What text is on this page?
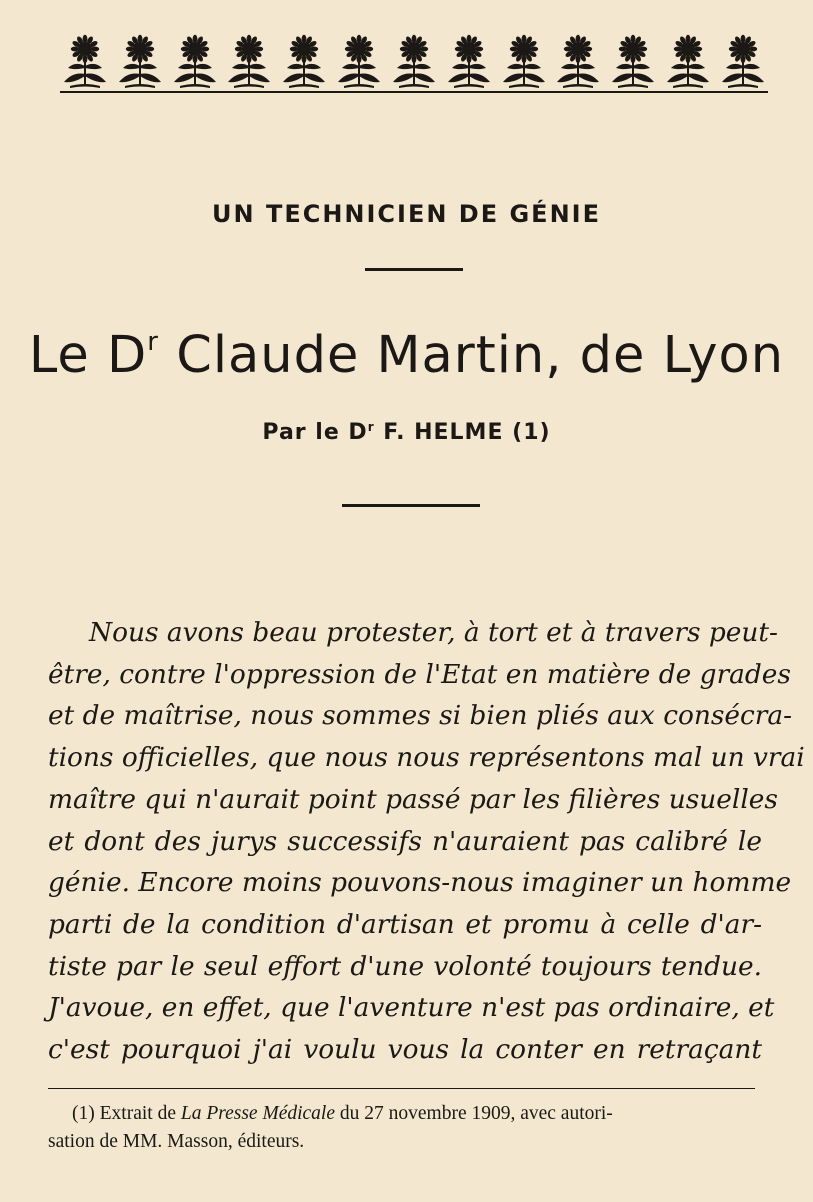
UN TECHNICIEN DE GÉNIE
Le $D^r$ Claude Martin, de Lyon
Par le $D^r$ F. HELME (1)
Nous avons beau protester, à tort et à travers peut-
être, contre l'oppression de l'Etat en matière de grades
et de maîtrise, nous sommes si bien pliés aux consécra-
tions officielles, que nous nous représentons mal un vrai
maître qui n'aurait point passé par les filières usuelles
et dont des jurys successifs n'auraient pas calibré le
génie. Encore moins pouvons-nous imaginer un homme
parti de la condition d'artisan et promu à celle d'ar-
tiste par le seul effort d'une volonté toujours tendue.
J'avoue, en effet, que l'aventure n'est pas ordinaire, et
c'est pourquoi j'ai voulu vous la conter en retraçant
(1) Extrait de La Presse Médicale du 27 novembre 1909, avec autori-
sation de MM. Masson, éditeurs.
